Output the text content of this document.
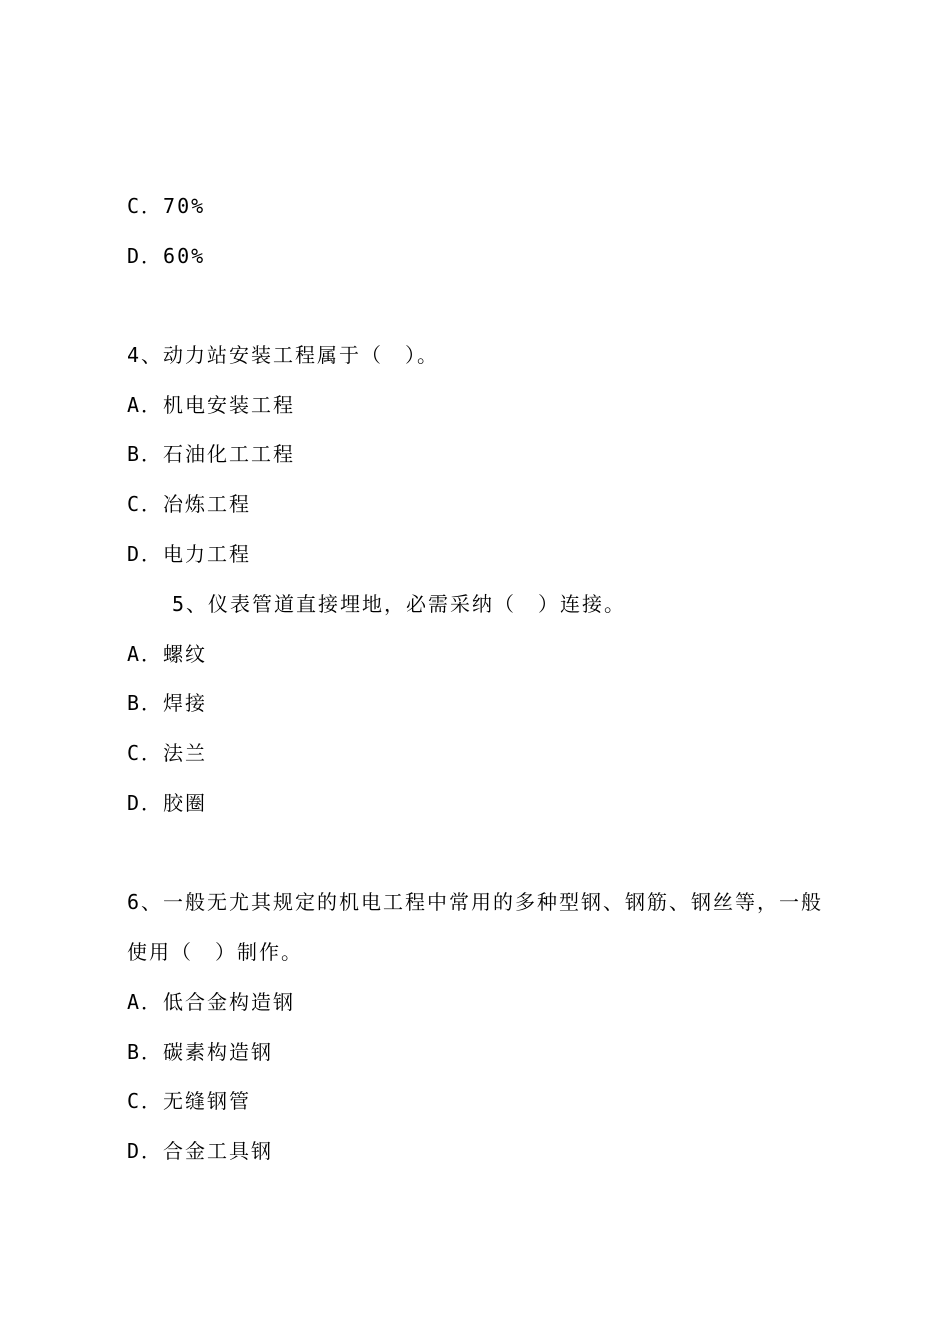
C．70%
D．60%
4、动力站安装工程属于（　）。
A．机电安装工程
B．石油化工工程
C．冶炼工程
D．电力工程
5、仪表管道直接埋地，必需采纳（　）连接。
A．螺纹
B．焊接
C．法兰
D．胶圈
6、一般无尤其规定的机电工程中常用的多种型钢、钢筋、钢丝等，一般
使用（　）制作。
A．低合金构造钢
B．碳素构造钢
C．无缝钢管
D．合金工具钢
